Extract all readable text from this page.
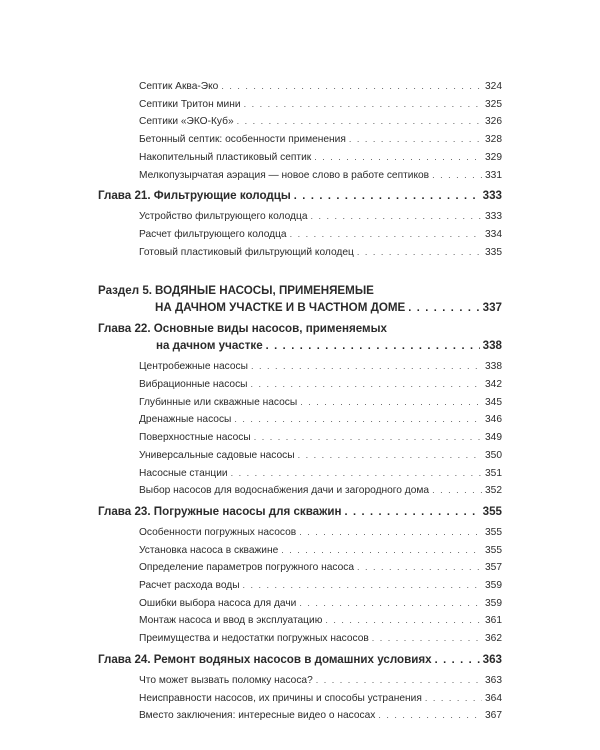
Септик Аква-Эко . . .	324
Септики Тритон мини . . .	325
Септики «ЭКО-Куб» . . .	326
Бетонный септик: особенности применения . . .	328
Накопительный пластиковый септик . . .	329
Мелкопузырчатая аэрация — новое слово в работе септиков . . .	331
Глава 21. Фильтрующие колодцы . . .	333
Устройство фильтрующего колодца . . .	333
Расчет фильтрующего колодца . . .	334
Готовый пластиковый фильтрующий колодец . . .	335
Раздел 5. ВОДЯНЫЕ НАСОСЫ, ПРИМЕНЯЕМЫЕ
НА ДАЧНОМ УЧАСТКЕ И В ЧАСТНОМ ДОМЕ . . .	337
Глава 22. Основные виды насосов, применяемых
на дачном участке . . .	338
Центробежные насосы . . .	338
Вибрационные насосы . . .	342
Глубинные или скважные насосы . . .	345
Дренажные насосы . . .	346
Поверхностные насосы . . .	349
Универсальные садовые насосы . . .	350
Насосные станции . . .	351
Выбор насосов для водоснабжения дачи и загородного дома . . .	352
Глава 23. Погружные насосы для скважин . . .	355
Особенности погружных насосов . . .	355
Установка насоса в скважине . . .	355
Определение параметров погружного насоса . . .	357
Расчет расхода воды . . .	359
Ошибки выбора насоса для дачи . . .	359
Монтаж насоса и ввод в эксплуатацию . . .	361
Преимущества и недостатки погружных насосов . . .	362
Глава 24. Ремонт водяных насосов в домашних условиях . . .	363
Что может вызвать поломку насоса? . . .	363
Неисправности насосов, их причины и способы устранения . . .	364
Вместо заключения: интересные видео о насосах . . .	367
